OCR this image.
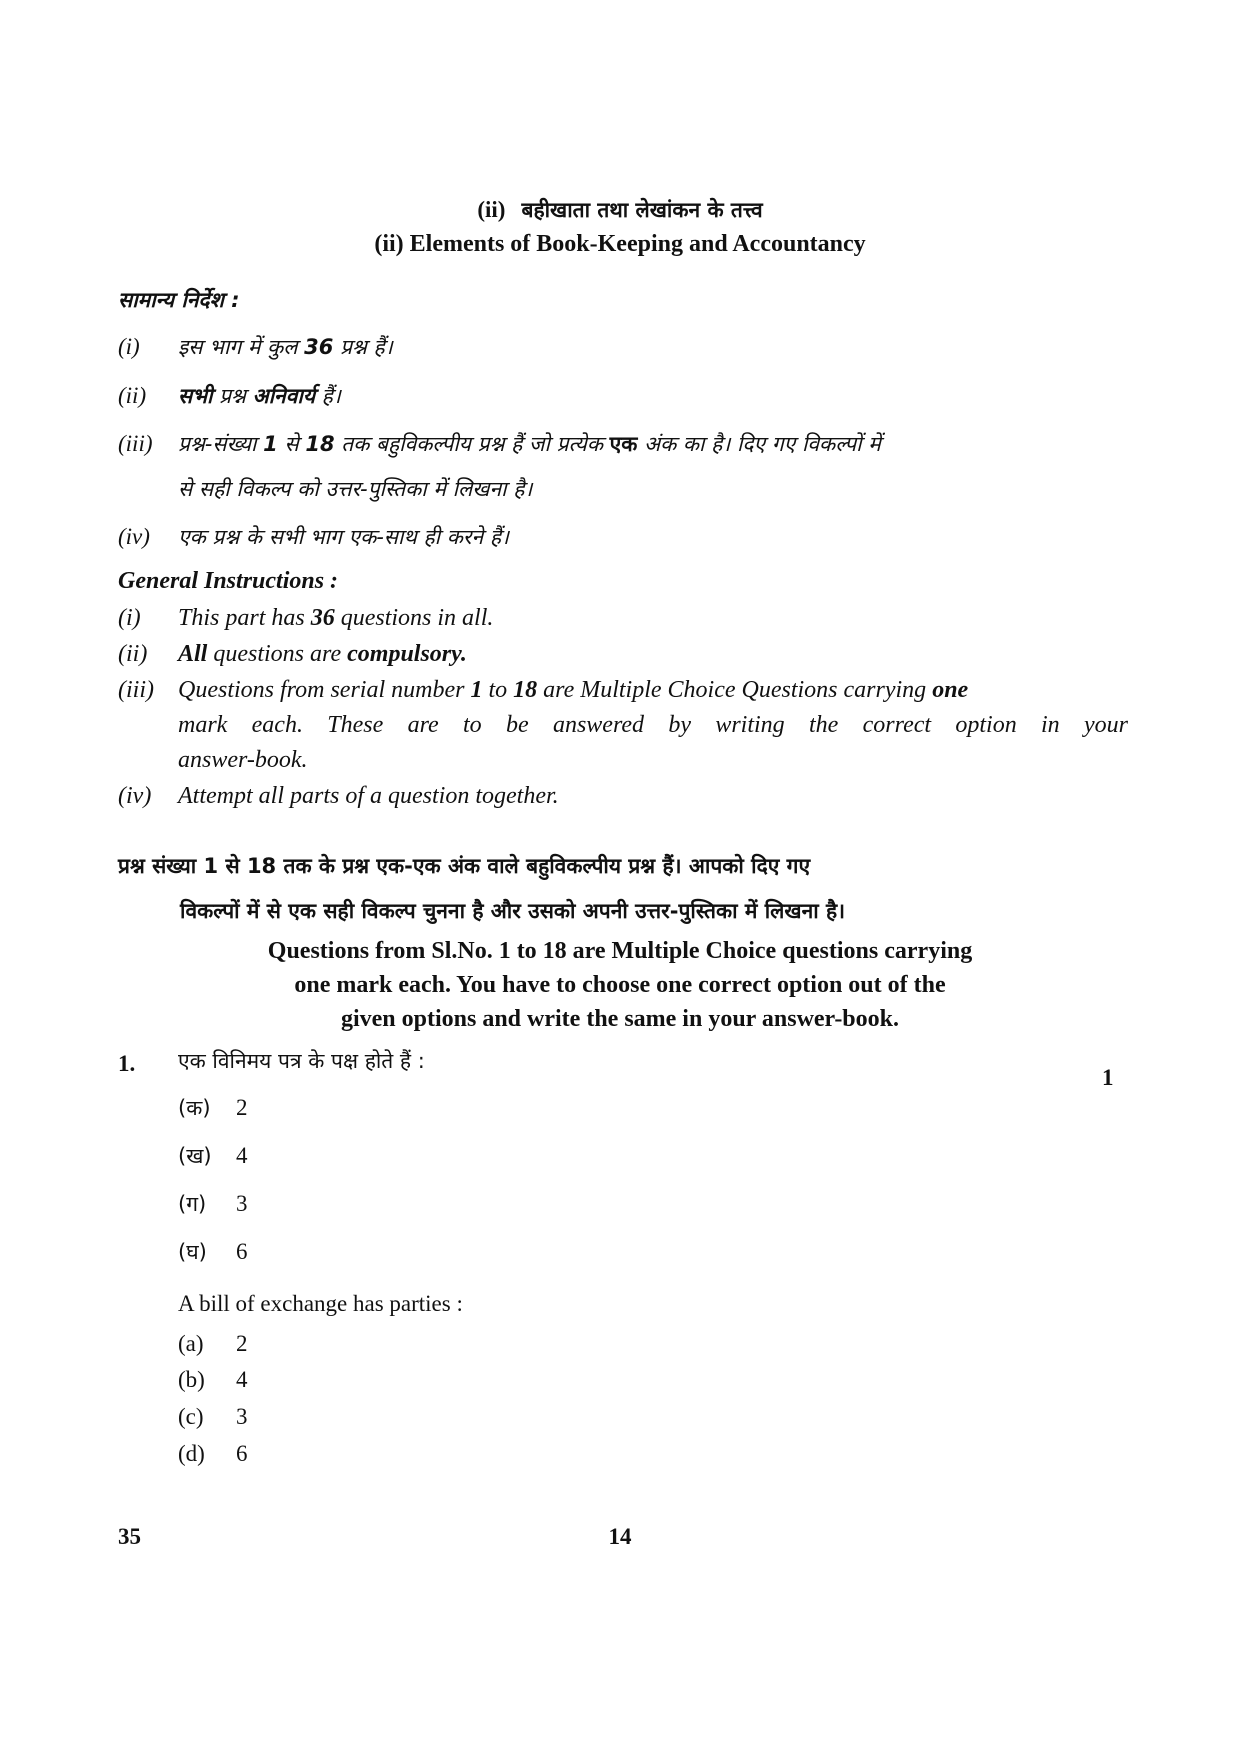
(ii) बहीखाता तथा लेखांकन के तत्त्व
(ii) Elements of Book-Keeping and Accountancy
सामान्य निर्देश :
(i) इस भाग में कुल 36 प्रश्न हैं।
(ii) सभी प्रश्न अनिवार्य हैं।
(iii) प्रश्न-संख्या 1 से 18 तक बहुविकल्पीय प्रश्न हैं जो प्रत्येक एक अंक का है। दिए गए विकल्पों में
से सही विकल्प को उत्तर-पुस्तिका में लिखना है।
(iv) एक प्रश्न के सभी भाग एक-साथ ही करने हैं।
General Instructions :
(i) This part has 36 questions in all.
(ii) All questions are compulsory.
(iii) Questions from serial number 1 to 18 are Multiple Choice Questions carrying one
mark each. These are to be answered by writing the correct option in your
answer-book.
(iv) Attempt all parts of a question together.
प्रश्न संख्या 1 से 18 तक के प्रश्न एक-एक अंक वाले बहुविकल्पीय प्रश्न हैं। आपको दिए गए
विकल्पों में से एक सही विकल्प चुनना है और उसको अपनी उत्तर-पुस्तिका में लिखना है।
Questions from Sl.No. 1 to 18 are Multiple Choice questions carrying
one mark each. You have to choose one correct option out of the
given options and write the same in your answer-book.
1. एक विनिमय पत्र के पक्ष होते हैं :
1
(क) 2
(ख) 4
(ग) 3
(घ) 6
A bill of exchange has parties :
(a) 2
(b) 4
(c) 3
(d) 6
35	14
